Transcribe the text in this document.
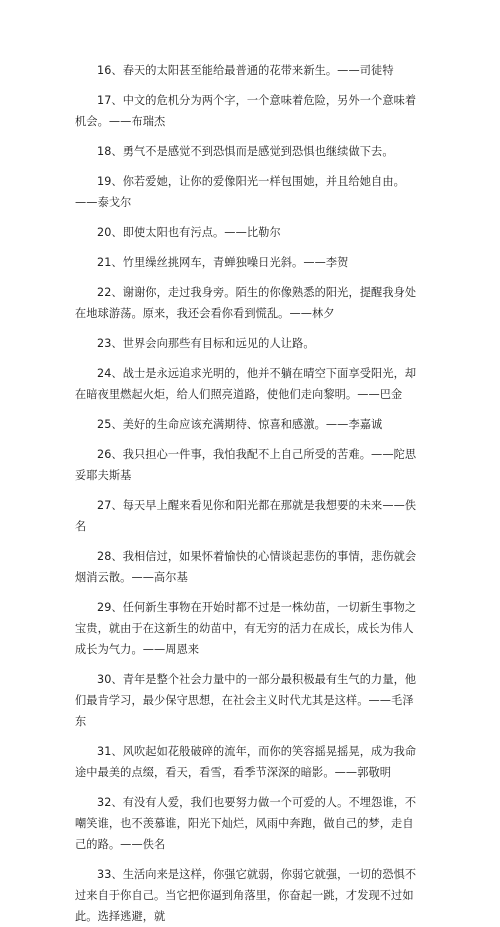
16、春天的太阳甚至能给最普通的花带来新生。——司徒特

17、中文的危机分为两个字，一个意味着危险，另外一个意味着机会。——布瑞杰

18、勇气不是感觉不到恐惧而是感觉到恐惧也继续做下去。

19、你若爱她，让你的爱像阳光一样包围她，并且给她自由。——泰戈尔

20、即使太阳也有污点。——比勒尔

21、竹里缲丝挑网车，青蝉独噪日光斜。——李贺

22、谢谢你，走过我身旁。陌生的你像熟悉的阳光，提醒我身处在地球游荡。原来，我还会看你看到慌乱。——林夕

23、世界会向那些有目标和远见的人让路。

24、战士是永远追求光明的，他并不躺在晴空下面享受阳光，却在暗夜里燃起火炬，给人们照亮道路，使他们走向黎明。——巴金

25、美好的生命应该充满期待、惊喜和感激。——李嘉诚

26、我只担心一件事，我怕我配不上自己所受的苦难。——陀思妥耶夫斯基

27、每天早上醒来看见你和阳光都在那就是我想要的未来——佚名

28、我相信过，如果怀着愉快的心情谈起悲伤的事情，悲伤就会烟消云散。——高尔基

29、任何新生事物在开始时都不过是一株幼苗，一切新生事物之宝贵，就由于在这新生的幼苗中，有无穷的活力在成长，成长为伟人成长为气力。——周恩来

30、青年是整个社会力量中的一部分最积极最有生气的力量，他们最肯学习，最少保守思想，在社会主义时代尤其是这样。——毛泽东

31、风吹起如花般破碎的流年，而你的笑容摇晃摇晃，成为我命途中最美的点缀，看天，看雪，看季节深深的暗影。——郭敬明

32、有没有人爱，我们也要努力做一个可爱的人。不埋怨谁，不嘲笑谁，也不羡慕谁，阳光下灿烂，风雨中奔跑，做自己的梦，走自己的路。——佚名

33、生活向来是这样，你强它就弱，你弱它就强，一切的恐惧不过来自于你自己。当它把你逼到角落里，你奋起一跳，才发现不过如此。选择逃避，就
